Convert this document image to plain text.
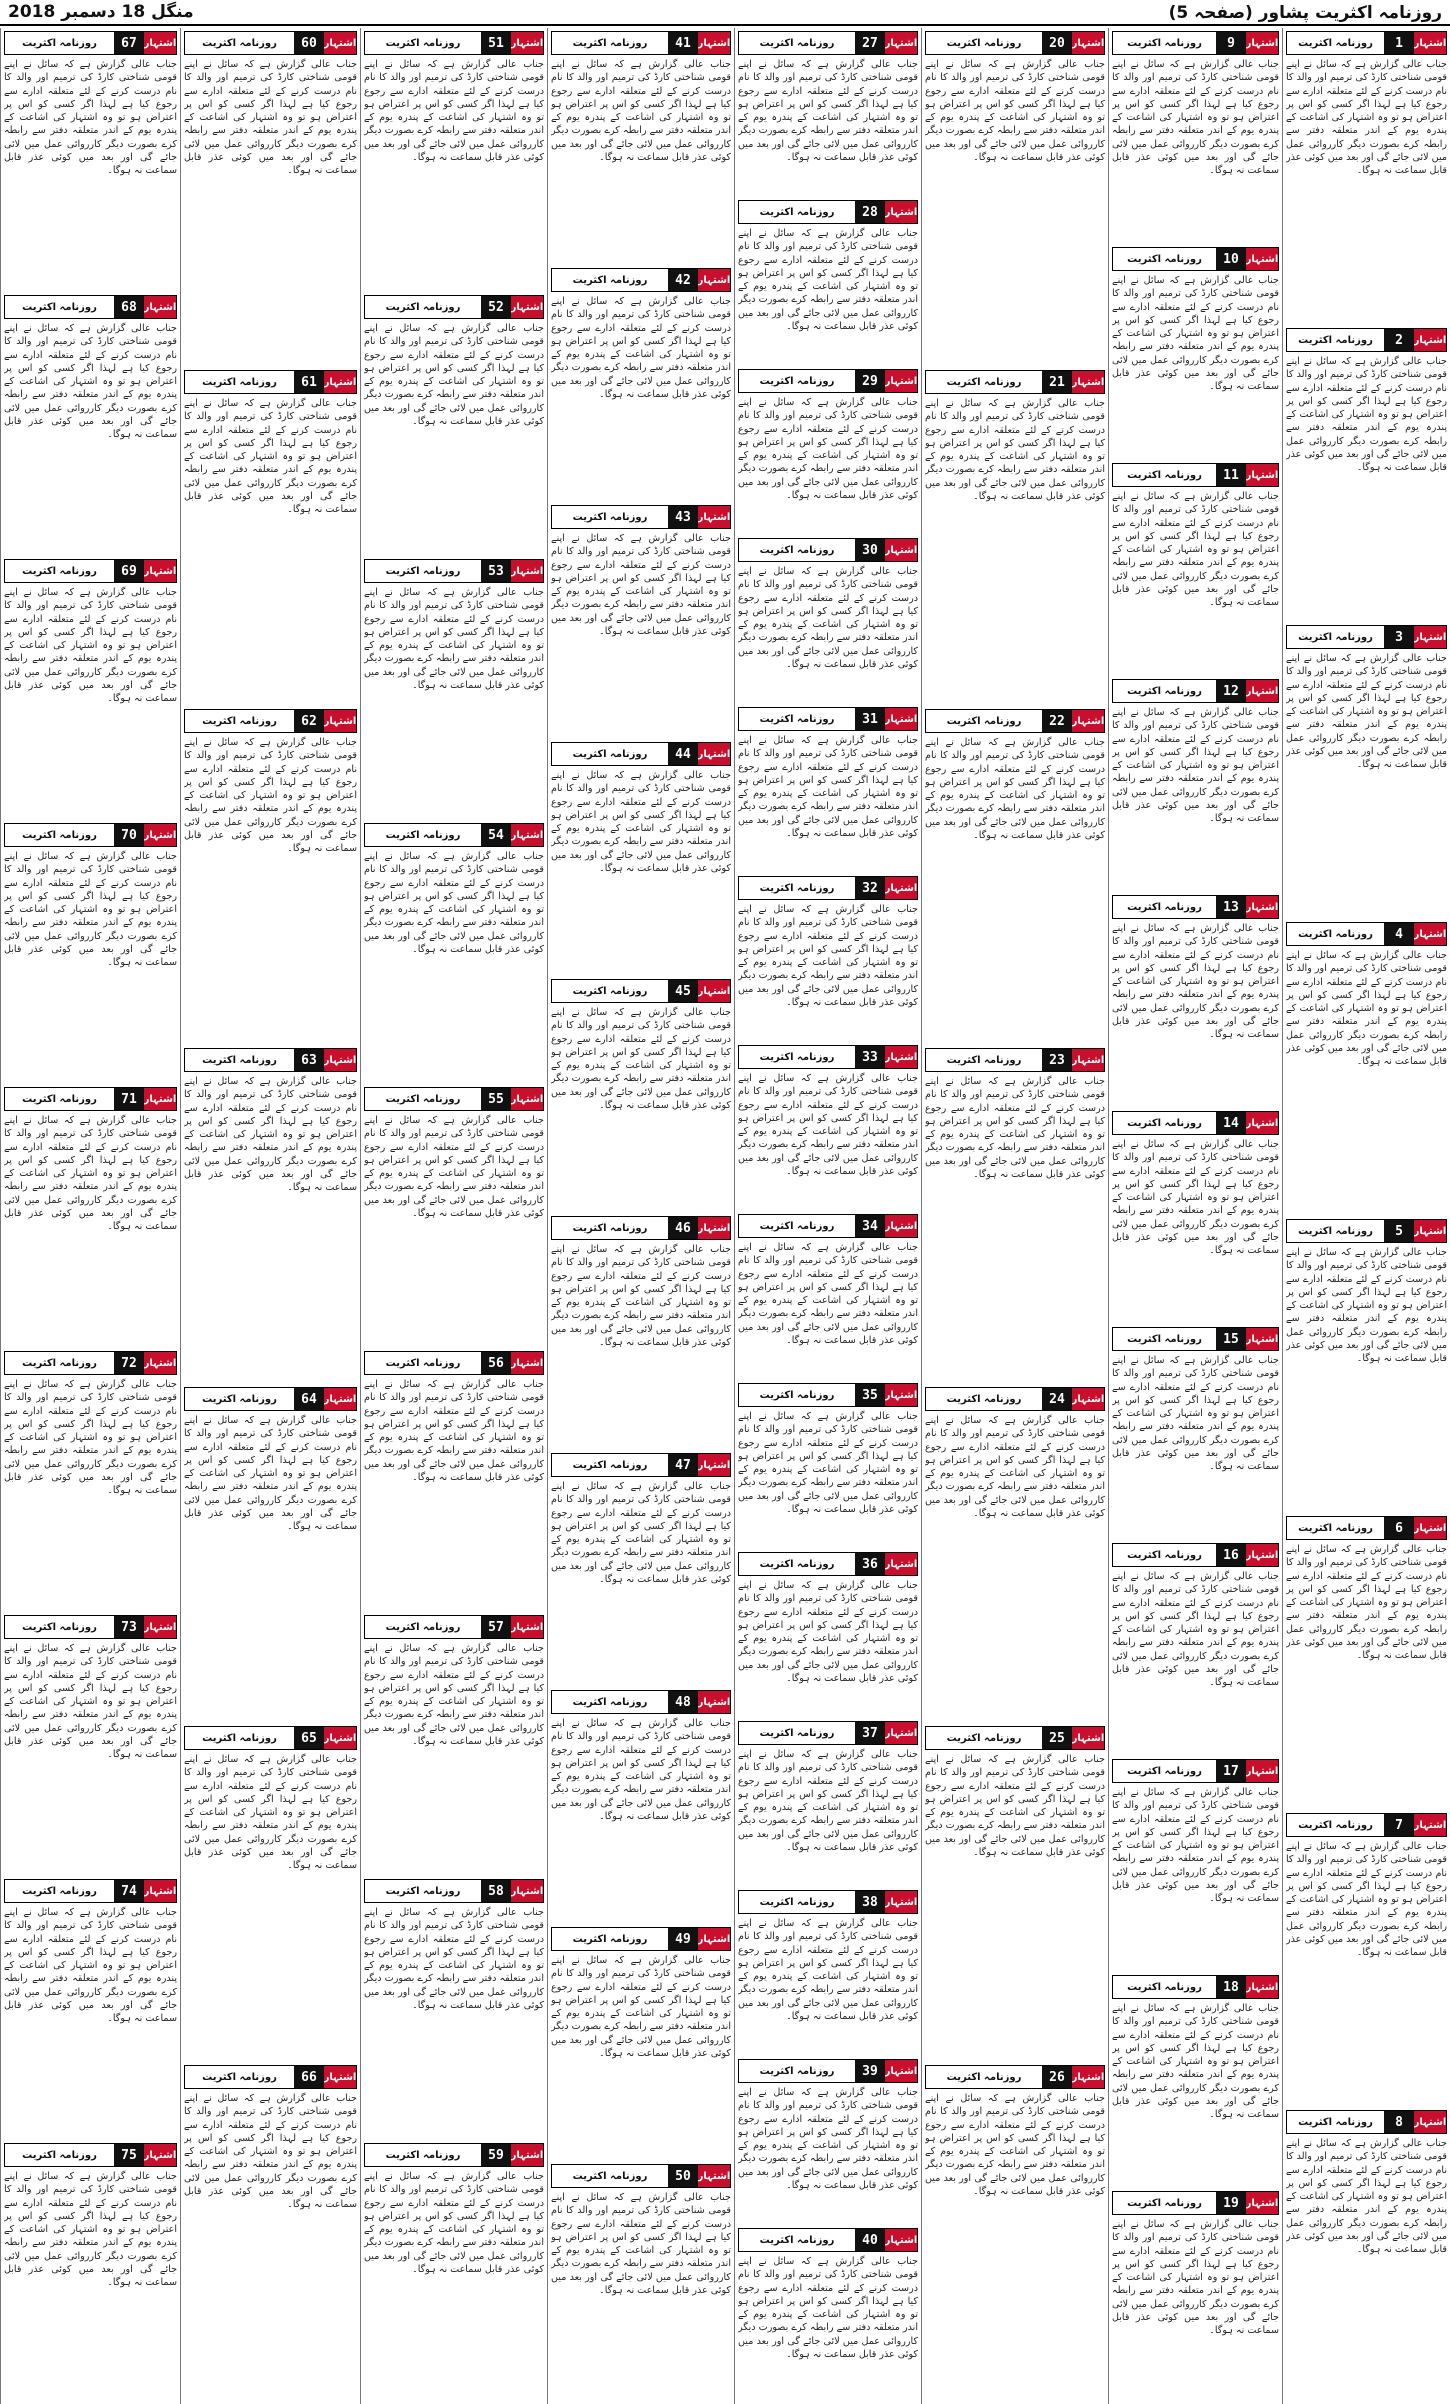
روزنامہ اکثریت پشاور (صفحہ 5)
منگل 18 دسمبر 2018
اشتہار
1
روزنامہ اکثریت
جناب عالی گزارش ہے کہ سائل نے اپنے قومی شناختی کارڈ کی ترمیم اور والد کا نام درست کرنے کے لئے متعلقہ ادارے سے رجوع کیا ہے لہذا اگر کسی کو اس پر اعتراض ہو تو وہ اشتہار کی اشاعت کے پندرہ یوم کے اندر متعلقہ دفتر سے رابطہ کرے بصورت دیگر کارروائی عمل میں لائی جائے گی اور بعد میں کوئی عذر قابل سماعت نہ ہوگا۔
اشتہار
2
روزنامہ اکثریت
جناب عالی گزارش ہے کہ سائل نے اپنے قومی شناختی کارڈ کی ترمیم اور والد کا نام درست کرنے کے لئے متعلقہ ادارے سے رجوع کیا ہے لہذا اگر کسی کو اس پر اعتراض ہو تو وہ اشتہار کی اشاعت کے پندرہ یوم کے اندر متعلقہ دفتر سے رابطہ کرے بصورت دیگر کارروائی عمل میں لائی جائے گی اور بعد میں کوئی عذر قابل سماعت نہ ہوگا۔
اشتہار
3
روزنامہ اکثریت
جناب عالی گزارش ہے کہ سائل نے اپنے قومی شناختی کارڈ کی ترمیم اور والد کا نام درست کرنے کے لئے متعلقہ ادارے سے رجوع کیا ہے لہذا اگر کسی کو اس پر اعتراض ہو تو وہ اشتہار کی اشاعت کے پندرہ یوم کے اندر متعلقہ دفتر سے رابطہ کرے بصورت دیگر کارروائی عمل میں لائی جائے گی اور بعد میں کوئی عذر قابل سماعت نہ ہوگا۔
اشتہار
4
روزنامہ اکثریت
جناب عالی گزارش ہے کہ سائل نے اپنے قومی شناختی کارڈ کی ترمیم اور والد کا نام درست کرنے کے لئے متعلقہ ادارے سے رجوع کیا ہے لہذا اگر کسی کو اس پر اعتراض ہو تو وہ اشتہار کی اشاعت کے پندرہ یوم کے اندر متعلقہ دفتر سے رابطہ کرے بصورت دیگر کارروائی عمل میں لائی جائے گی اور بعد میں کوئی عذر قابل سماعت نہ ہوگا۔
اشتہار
5
روزنامہ اکثریت
جناب عالی گزارش ہے کہ سائل نے اپنے قومی شناختی کارڈ کی ترمیم اور والد کا نام درست کرنے کے لئے متعلقہ ادارے سے رجوع کیا ہے لہذا اگر کسی کو اس پر اعتراض ہو تو وہ اشتہار کی اشاعت کے پندرہ یوم کے اندر متعلقہ دفتر سے رابطہ کرے بصورت دیگر کارروائی عمل میں لائی جائے گی اور بعد میں کوئی عذر قابل سماعت نہ ہوگا۔
اشتہار
6
روزنامہ اکثریت
جناب عالی گزارش ہے کہ سائل نے اپنے قومی شناختی کارڈ کی ترمیم اور والد کا نام درست کرنے کے لئے متعلقہ ادارے سے رجوع کیا ہے لہذا اگر کسی کو اس پر اعتراض ہو تو وہ اشتہار کی اشاعت کے پندرہ یوم کے اندر متعلقہ دفتر سے رابطہ کرے بصورت دیگر کارروائی عمل میں لائی جائے گی اور بعد میں کوئی عذر قابل سماعت نہ ہوگا۔
اشتہار
7
روزنامہ اکثریت
جناب عالی گزارش ہے کہ سائل نے اپنے قومی شناختی کارڈ کی ترمیم اور والد کا نام درست کرنے کے لئے متعلقہ ادارے سے رجوع کیا ہے لہذا اگر کسی کو اس پر اعتراض ہو تو وہ اشتہار کی اشاعت کے پندرہ یوم کے اندر متعلقہ دفتر سے رابطہ کرے بصورت دیگر کارروائی عمل میں لائی جائے گی اور بعد میں کوئی عذر قابل سماعت نہ ہوگا۔
اشتہار
8
روزنامہ اکثریت
جناب عالی گزارش ہے کہ سائل نے اپنے قومی شناختی کارڈ کی ترمیم اور والد کا نام درست کرنے کے لئے متعلقہ ادارے سے رجوع کیا ہے لہذا اگر کسی کو اس پر اعتراض ہو تو وہ اشتہار کی اشاعت کے پندرہ یوم کے اندر متعلقہ دفتر سے رابطہ کرے بصورت دیگر کارروائی عمل میں لائی جائے گی اور بعد میں کوئی عذر قابل سماعت نہ ہوگا۔
اشتہار
9
روزنامہ اکثریت
جناب عالی گزارش ہے کہ سائل نے اپنے قومی شناختی کارڈ کی ترمیم اور والد کا نام درست کرنے کے لئے متعلقہ ادارے سے رجوع کیا ہے لہذا اگر کسی کو اس پر اعتراض ہو تو وہ اشتہار کی اشاعت کے پندرہ یوم کے اندر متعلقہ دفتر سے رابطہ کرے بصورت دیگر کارروائی عمل میں لائی جائے گی اور بعد میں کوئی عذر قابل سماعت نہ ہوگا۔
اشتہار
10
روزنامہ اکثریت
جناب عالی گزارش ہے کہ سائل نے اپنے قومی شناختی کارڈ کی ترمیم اور والد کا نام درست کرنے کے لئے متعلقہ ادارے سے رجوع کیا ہے لہذا اگر کسی کو اس پر اعتراض ہو تو وہ اشتہار کی اشاعت کے پندرہ یوم کے اندر متعلقہ دفتر سے رابطہ کرے بصورت دیگر کارروائی عمل میں لائی جائے گی اور بعد میں کوئی عذر قابل سماعت نہ ہوگا۔
اشتہار
11
روزنامہ اکثریت
جناب عالی گزارش ہے کہ سائل نے اپنے قومی شناختی کارڈ کی ترمیم اور والد کا نام درست کرنے کے لئے متعلقہ ادارے سے رجوع کیا ہے لہذا اگر کسی کو اس پر اعتراض ہو تو وہ اشتہار کی اشاعت کے پندرہ یوم کے اندر متعلقہ دفتر سے رابطہ کرے بصورت دیگر کارروائی عمل میں لائی جائے گی اور بعد میں کوئی عذر قابل سماعت نہ ہوگا۔
اشتہار
12
روزنامہ اکثریت
جناب عالی گزارش ہے کہ سائل نے اپنے قومی شناختی کارڈ کی ترمیم اور والد کا نام درست کرنے کے لئے متعلقہ ادارے سے رجوع کیا ہے لہذا اگر کسی کو اس پر اعتراض ہو تو وہ اشتہار کی اشاعت کے پندرہ یوم کے اندر متعلقہ دفتر سے رابطہ کرے بصورت دیگر کارروائی عمل میں لائی جائے گی اور بعد میں کوئی عذر قابل سماعت نہ ہوگا۔
اشتہار
13
روزنامہ اکثریت
جناب عالی گزارش ہے کہ سائل نے اپنے قومی شناختی کارڈ کی ترمیم اور والد کا نام درست کرنے کے لئے متعلقہ ادارے سے رجوع کیا ہے لہذا اگر کسی کو اس پر اعتراض ہو تو وہ اشتہار کی اشاعت کے پندرہ یوم کے اندر متعلقہ دفتر سے رابطہ کرے بصورت دیگر کارروائی عمل میں لائی جائے گی اور بعد میں کوئی عذر قابل سماعت نہ ہوگا۔
اشتہار
14
روزنامہ اکثریت
جناب عالی گزارش ہے کہ سائل نے اپنے قومی شناختی کارڈ کی ترمیم اور والد کا نام درست کرنے کے لئے متعلقہ ادارے سے رجوع کیا ہے لہذا اگر کسی کو اس پر اعتراض ہو تو وہ اشتہار کی اشاعت کے پندرہ یوم کے اندر متعلقہ دفتر سے رابطہ کرے بصورت دیگر کارروائی عمل میں لائی جائے گی اور بعد میں کوئی عذر قابل سماعت نہ ہوگا۔
اشتہار
15
روزنامہ اکثریت
جناب عالی گزارش ہے کہ سائل نے اپنے قومی شناختی کارڈ کی ترمیم اور والد کا نام درست کرنے کے لئے متعلقہ ادارے سے رجوع کیا ہے لہذا اگر کسی کو اس پر اعتراض ہو تو وہ اشتہار کی اشاعت کے پندرہ یوم کے اندر متعلقہ دفتر سے رابطہ کرے بصورت دیگر کارروائی عمل میں لائی جائے گی اور بعد میں کوئی عذر قابل سماعت نہ ہوگا۔
اشتہار
16
روزنامہ اکثریت
جناب عالی گزارش ہے کہ سائل نے اپنے قومی شناختی کارڈ کی ترمیم اور والد کا نام درست کرنے کے لئے متعلقہ ادارے سے رجوع کیا ہے لہذا اگر کسی کو اس پر اعتراض ہو تو وہ اشتہار کی اشاعت کے پندرہ یوم کے اندر متعلقہ دفتر سے رابطہ کرے بصورت دیگر کارروائی عمل میں لائی جائے گی اور بعد میں کوئی عذر قابل سماعت نہ ہوگا۔
اشتہار
17
روزنامہ اکثریت
جناب عالی گزارش ہے کہ سائل نے اپنے قومی شناختی کارڈ کی ترمیم اور والد کا نام درست کرنے کے لئے متعلقہ ادارے سے رجوع کیا ہے لہذا اگر کسی کو اس پر اعتراض ہو تو وہ اشتہار کی اشاعت کے پندرہ یوم کے اندر متعلقہ دفتر سے رابطہ کرے بصورت دیگر کارروائی عمل میں لائی جائے گی اور بعد میں کوئی عذر قابل سماعت نہ ہوگا۔
اشتہار
18
روزنامہ اکثریت
جناب عالی گزارش ہے کہ سائل نے اپنے قومی شناختی کارڈ کی ترمیم اور والد کا نام درست کرنے کے لئے متعلقہ ادارے سے رجوع کیا ہے لہذا اگر کسی کو اس پر اعتراض ہو تو وہ اشتہار کی اشاعت کے پندرہ یوم کے اندر متعلقہ دفتر سے رابطہ کرے بصورت دیگر کارروائی عمل میں لائی جائے گی اور بعد میں کوئی عذر قابل سماعت نہ ہوگا۔
اشتہار
19
روزنامہ اکثریت
جناب عالی گزارش ہے کہ سائل نے اپنے قومی شناختی کارڈ کی ترمیم اور والد کا نام درست کرنے کے لئے متعلقہ ادارے سے رجوع کیا ہے لہذا اگر کسی کو اس پر اعتراض ہو تو وہ اشتہار کی اشاعت کے پندرہ یوم کے اندر متعلقہ دفتر سے رابطہ کرے بصورت دیگر کارروائی عمل میں لائی جائے گی اور بعد میں کوئی عذر قابل سماعت نہ ہوگا۔
اشتہار
20
روزنامہ اکثریت
جناب عالی گزارش ہے کہ سائل نے اپنے قومی شناختی کارڈ کی ترمیم اور والد کا نام درست کرنے کے لئے متعلقہ ادارے سے رجوع کیا ہے لہذا اگر کسی کو اس پر اعتراض ہو تو وہ اشتہار کی اشاعت کے پندرہ یوم کے اندر متعلقہ دفتر سے رابطہ کرے بصورت دیگر کارروائی عمل میں لائی جائے گی اور بعد میں کوئی عذر قابل سماعت نہ ہوگا۔
اشتہار
21
روزنامہ اکثریت
جناب عالی گزارش ہے کہ سائل نے اپنے قومی شناختی کارڈ کی ترمیم اور والد کا نام درست کرنے کے لئے متعلقہ ادارے سے رجوع کیا ہے لہذا اگر کسی کو اس پر اعتراض ہو تو وہ اشتہار کی اشاعت کے پندرہ یوم کے اندر متعلقہ دفتر سے رابطہ کرے بصورت دیگر کارروائی عمل میں لائی جائے گی اور بعد میں کوئی عذر قابل سماعت نہ ہوگا۔
اشتہار
22
روزنامہ اکثریت
جناب عالی گزارش ہے کہ سائل نے اپنے قومی شناختی کارڈ کی ترمیم اور والد کا نام درست کرنے کے لئے متعلقہ ادارے سے رجوع کیا ہے لہذا اگر کسی کو اس پر اعتراض ہو تو وہ اشتہار کی اشاعت کے پندرہ یوم کے اندر متعلقہ دفتر سے رابطہ کرے بصورت دیگر کارروائی عمل میں لائی جائے گی اور بعد میں کوئی عذر قابل سماعت نہ ہوگا۔
اشتہار
23
روزنامہ اکثریت
جناب عالی گزارش ہے کہ سائل نے اپنے قومی شناختی کارڈ کی ترمیم اور والد کا نام درست کرنے کے لئے متعلقہ ادارے سے رجوع کیا ہے لہذا اگر کسی کو اس پر اعتراض ہو تو وہ اشتہار کی اشاعت کے پندرہ یوم کے اندر متعلقہ دفتر سے رابطہ کرے بصورت دیگر کارروائی عمل میں لائی جائے گی اور بعد میں کوئی عذر قابل سماعت نہ ہوگا۔
اشتہار
24
روزنامہ اکثریت
جناب عالی گزارش ہے کہ سائل نے اپنے قومی شناختی کارڈ کی ترمیم اور والد کا نام درست کرنے کے لئے متعلقہ ادارے سے رجوع کیا ہے لہذا اگر کسی کو اس پر اعتراض ہو تو وہ اشتہار کی اشاعت کے پندرہ یوم کے اندر متعلقہ دفتر سے رابطہ کرے بصورت دیگر کارروائی عمل میں لائی جائے گی اور بعد میں کوئی عذر قابل سماعت نہ ہوگا۔
اشتہار
25
روزنامہ اکثریت
جناب عالی گزارش ہے کہ سائل نے اپنے قومی شناختی کارڈ کی ترمیم اور والد کا نام درست کرنے کے لئے متعلقہ ادارے سے رجوع کیا ہے لہذا اگر کسی کو اس پر اعتراض ہو تو وہ اشتہار کی اشاعت کے پندرہ یوم کے اندر متعلقہ دفتر سے رابطہ کرے بصورت دیگر کارروائی عمل میں لائی جائے گی اور بعد میں کوئی عذر قابل سماعت نہ ہوگا۔
اشتہار
26
روزنامہ اکثریت
جناب عالی گزارش ہے کہ سائل نے اپنے قومی شناختی کارڈ کی ترمیم اور والد کا نام درست کرنے کے لئے متعلقہ ادارے سے رجوع کیا ہے لہذا اگر کسی کو اس پر اعتراض ہو تو وہ اشتہار کی اشاعت کے پندرہ یوم کے اندر متعلقہ دفتر سے رابطہ کرے بصورت دیگر کارروائی عمل میں لائی جائے گی اور بعد میں کوئی عذر قابل سماعت نہ ہوگا۔
اشتہار
27
روزنامہ اکثریت
جناب عالی گزارش ہے کہ سائل نے اپنے قومی شناختی کارڈ کی ترمیم اور والد کا نام درست کرنے کے لئے متعلقہ ادارے سے رجوع کیا ہے لہذا اگر کسی کو اس پر اعتراض ہو تو وہ اشتہار کی اشاعت کے پندرہ یوم کے اندر متعلقہ دفتر سے رابطہ کرے بصورت دیگر کارروائی عمل میں لائی جائے گی اور بعد میں کوئی عذر قابل سماعت نہ ہوگا۔
اشتہار
28
روزنامہ اکثریت
جناب عالی گزارش ہے کہ سائل نے اپنے قومی شناختی کارڈ کی ترمیم اور والد کا نام درست کرنے کے لئے متعلقہ ادارے سے رجوع کیا ہے لہذا اگر کسی کو اس پر اعتراض ہو تو وہ اشتہار کی اشاعت کے پندرہ یوم کے اندر متعلقہ دفتر سے رابطہ کرے بصورت دیگر کارروائی عمل میں لائی جائے گی اور بعد میں کوئی عذر قابل سماعت نہ ہوگا۔
اشتہار
29
روزنامہ اکثریت
جناب عالی گزارش ہے کہ سائل نے اپنے قومی شناختی کارڈ کی ترمیم اور والد کا نام درست کرنے کے لئے متعلقہ ادارے سے رجوع کیا ہے لہذا اگر کسی کو اس پر اعتراض ہو تو وہ اشتہار کی اشاعت کے پندرہ یوم کے اندر متعلقہ دفتر سے رابطہ کرے بصورت دیگر کارروائی عمل میں لائی جائے گی اور بعد میں کوئی عذر قابل سماعت نہ ہوگا۔
اشتہار
30
روزنامہ اکثریت
جناب عالی گزارش ہے کہ سائل نے اپنے قومی شناختی کارڈ کی ترمیم اور والد کا نام درست کرنے کے لئے متعلقہ ادارے سے رجوع کیا ہے لہذا اگر کسی کو اس پر اعتراض ہو تو وہ اشتہار کی اشاعت کے پندرہ یوم کے اندر متعلقہ دفتر سے رابطہ کرے بصورت دیگر کارروائی عمل میں لائی جائے گی اور بعد میں کوئی عذر قابل سماعت نہ ہوگا۔
اشتہار
31
روزنامہ اکثریت
جناب عالی گزارش ہے کہ سائل نے اپنے قومی شناختی کارڈ کی ترمیم اور والد کا نام درست کرنے کے لئے متعلقہ ادارے سے رجوع کیا ہے لہذا اگر کسی کو اس پر اعتراض ہو تو وہ اشتہار کی اشاعت کے پندرہ یوم کے اندر متعلقہ دفتر سے رابطہ کرے بصورت دیگر کارروائی عمل میں لائی جائے گی اور بعد میں کوئی عذر قابل سماعت نہ ہوگا۔
اشتہار
32
روزنامہ اکثریت
جناب عالی گزارش ہے کہ سائل نے اپنے قومی شناختی کارڈ کی ترمیم اور والد کا نام درست کرنے کے لئے متعلقہ ادارے سے رجوع کیا ہے لہذا اگر کسی کو اس پر اعتراض ہو تو وہ اشتہار کی اشاعت کے پندرہ یوم کے اندر متعلقہ دفتر سے رابطہ کرے بصورت دیگر کارروائی عمل میں لائی جائے گی اور بعد میں کوئی عذر قابل سماعت نہ ہوگا۔
اشتہار
33
روزنامہ اکثریت
جناب عالی گزارش ہے کہ سائل نے اپنے قومی شناختی کارڈ کی ترمیم اور والد کا نام درست کرنے کے لئے متعلقہ ادارے سے رجوع کیا ہے لہذا اگر کسی کو اس پر اعتراض ہو تو وہ اشتہار کی اشاعت کے پندرہ یوم کے اندر متعلقہ دفتر سے رابطہ کرے بصورت دیگر کارروائی عمل میں لائی جائے گی اور بعد میں کوئی عذر قابل سماعت نہ ہوگا۔
اشتہار
34
روزنامہ اکثریت
جناب عالی گزارش ہے کہ سائل نے اپنے قومی شناختی کارڈ کی ترمیم اور والد کا نام درست کرنے کے لئے متعلقہ ادارے سے رجوع کیا ہے لہذا اگر کسی کو اس پر اعتراض ہو تو وہ اشتہار کی اشاعت کے پندرہ یوم کے اندر متعلقہ دفتر سے رابطہ کرے بصورت دیگر کارروائی عمل میں لائی جائے گی اور بعد میں کوئی عذر قابل سماعت نہ ہوگا۔
اشتہار
35
روزنامہ اکثریت
جناب عالی گزارش ہے کہ سائل نے اپنے قومی شناختی کارڈ کی ترمیم اور والد کا نام درست کرنے کے لئے متعلقہ ادارے سے رجوع کیا ہے لہذا اگر کسی کو اس پر اعتراض ہو تو وہ اشتہار کی اشاعت کے پندرہ یوم کے اندر متعلقہ دفتر سے رابطہ کرے بصورت دیگر کارروائی عمل میں لائی جائے گی اور بعد میں کوئی عذر قابل سماعت نہ ہوگا۔
اشتہار
36
روزنامہ اکثریت
جناب عالی گزارش ہے کہ سائل نے اپنے قومی شناختی کارڈ کی ترمیم اور والد کا نام درست کرنے کے لئے متعلقہ ادارے سے رجوع کیا ہے لہذا اگر کسی کو اس پر اعتراض ہو تو وہ اشتہار کی اشاعت کے پندرہ یوم کے اندر متعلقہ دفتر سے رابطہ کرے بصورت دیگر کارروائی عمل میں لائی جائے گی اور بعد میں کوئی عذر قابل سماعت نہ ہوگا۔
اشتہار
37
روزنامہ اکثریت
جناب عالی گزارش ہے کہ سائل نے اپنے قومی شناختی کارڈ کی ترمیم اور والد کا نام درست کرنے کے لئے متعلقہ ادارے سے رجوع کیا ہے لہذا اگر کسی کو اس پر اعتراض ہو تو وہ اشتہار کی اشاعت کے پندرہ یوم کے اندر متعلقہ دفتر سے رابطہ کرے بصورت دیگر کارروائی عمل میں لائی جائے گی اور بعد میں کوئی عذر قابل سماعت نہ ہوگا۔
اشتہار
38
روزنامہ اکثریت
جناب عالی گزارش ہے کہ سائل نے اپنے قومی شناختی کارڈ کی ترمیم اور والد کا نام درست کرنے کے لئے متعلقہ ادارے سے رجوع کیا ہے لہذا اگر کسی کو اس پر اعتراض ہو تو وہ اشتہار کی اشاعت کے پندرہ یوم کے اندر متعلقہ دفتر سے رابطہ کرے بصورت دیگر کارروائی عمل میں لائی جائے گی اور بعد میں کوئی عذر قابل سماعت نہ ہوگا۔
اشتہار
39
روزنامہ اکثریت
جناب عالی گزارش ہے کہ سائل نے اپنے قومی شناختی کارڈ کی ترمیم اور والد کا نام درست کرنے کے لئے متعلقہ ادارے سے رجوع کیا ہے لہذا اگر کسی کو اس پر اعتراض ہو تو وہ اشتہار کی اشاعت کے پندرہ یوم کے اندر متعلقہ دفتر سے رابطہ کرے بصورت دیگر کارروائی عمل میں لائی جائے گی اور بعد میں کوئی عذر قابل سماعت نہ ہوگا۔
اشتہار
40
روزنامہ اکثریت
جناب عالی گزارش ہے کہ سائل نے اپنے قومی شناختی کارڈ کی ترمیم اور والد کا نام درست کرنے کے لئے متعلقہ ادارے سے رجوع کیا ہے لہذا اگر کسی کو اس پر اعتراض ہو تو وہ اشتہار کی اشاعت کے پندرہ یوم کے اندر متعلقہ دفتر سے رابطہ کرے بصورت دیگر کارروائی عمل میں لائی جائے گی اور بعد میں کوئی عذر قابل سماعت نہ ہوگا۔
اشتہار
41
روزنامہ اکثریت
جناب عالی گزارش ہے کہ سائل نے اپنے قومی شناختی کارڈ کی ترمیم اور والد کا نام درست کرنے کے لئے متعلقہ ادارے سے رجوع کیا ہے لہذا اگر کسی کو اس پر اعتراض ہو تو وہ اشتہار کی اشاعت کے پندرہ یوم کے اندر متعلقہ دفتر سے رابطہ کرے بصورت دیگر کارروائی عمل میں لائی جائے گی اور بعد میں کوئی عذر قابل سماعت نہ ہوگا۔
اشتہار
42
روزنامہ اکثریت
جناب عالی گزارش ہے کہ سائل نے اپنے قومی شناختی کارڈ کی ترمیم اور والد کا نام درست کرنے کے لئے متعلقہ ادارے سے رجوع کیا ہے لہذا اگر کسی کو اس پر اعتراض ہو تو وہ اشتہار کی اشاعت کے پندرہ یوم کے اندر متعلقہ دفتر سے رابطہ کرے بصورت دیگر کارروائی عمل میں لائی جائے گی اور بعد میں کوئی عذر قابل سماعت نہ ہوگا۔
اشتہار
43
روزنامہ اکثریت
جناب عالی گزارش ہے کہ سائل نے اپنے قومی شناختی کارڈ کی ترمیم اور والد کا نام درست کرنے کے لئے متعلقہ ادارے سے رجوع کیا ہے لہذا اگر کسی کو اس پر اعتراض ہو تو وہ اشتہار کی اشاعت کے پندرہ یوم کے اندر متعلقہ دفتر سے رابطہ کرے بصورت دیگر کارروائی عمل میں لائی جائے گی اور بعد میں کوئی عذر قابل سماعت نہ ہوگا۔
اشتہار
44
روزنامہ اکثریت
جناب عالی گزارش ہے کہ سائل نے اپنے قومی شناختی کارڈ کی ترمیم اور والد کا نام درست کرنے کے لئے متعلقہ ادارے سے رجوع کیا ہے لہذا اگر کسی کو اس پر اعتراض ہو تو وہ اشتہار کی اشاعت کے پندرہ یوم کے اندر متعلقہ دفتر سے رابطہ کرے بصورت دیگر کارروائی عمل میں لائی جائے گی اور بعد میں کوئی عذر قابل سماعت نہ ہوگا۔
اشتہار
45
روزنامہ اکثریت
جناب عالی گزارش ہے کہ سائل نے اپنے قومی شناختی کارڈ کی ترمیم اور والد کا نام درست کرنے کے لئے متعلقہ ادارے سے رجوع کیا ہے لہذا اگر کسی کو اس پر اعتراض ہو تو وہ اشتہار کی اشاعت کے پندرہ یوم کے اندر متعلقہ دفتر سے رابطہ کرے بصورت دیگر کارروائی عمل میں لائی جائے گی اور بعد میں کوئی عذر قابل سماعت نہ ہوگا۔
اشتہار
46
روزنامہ اکثریت
جناب عالی گزارش ہے کہ سائل نے اپنے قومی شناختی کارڈ کی ترمیم اور والد کا نام درست کرنے کے لئے متعلقہ ادارے سے رجوع کیا ہے لہذا اگر کسی کو اس پر اعتراض ہو تو وہ اشتہار کی اشاعت کے پندرہ یوم کے اندر متعلقہ دفتر سے رابطہ کرے بصورت دیگر کارروائی عمل میں لائی جائے گی اور بعد میں کوئی عذر قابل سماعت نہ ہوگا۔
اشتہار
47
روزنامہ اکثریت
جناب عالی گزارش ہے کہ سائل نے اپنے قومی شناختی کارڈ کی ترمیم اور والد کا نام درست کرنے کے لئے متعلقہ ادارے سے رجوع کیا ہے لہذا اگر کسی کو اس پر اعتراض ہو تو وہ اشتہار کی اشاعت کے پندرہ یوم کے اندر متعلقہ دفتر سے رابطہ کرے بصورت دیگر کارروائی عمل میں لائی جائے گی اور بعد میں کوئی عذر قابل سماعت نہ ہوگا۔
اشتہار
48
روزنامہ اکثریت
جناب عالی گزارش ہے کہ سائل نے اپنے قومی شناختی کارڈ کی ترمیم اور والد کا نام درست کرنے کے لئے متعلقہ ادارے سے رجوع کیا ہے لہذا اگر کسی کو اس پر اعتراض ہو تو وہ اشتہار کی اشاعت کے پندرہ یوم کے اندر متعلقہ دفتر سے رابطہ کرے بصورت دیگر کارروائی عمل میں لائی جائے گی اور بعد میں کوئی عذر قابل سماعت نہ ہوگا۔
اشتہار
49
روزنامہ اکثریت
جناب عالی گزارش ہے کہ سائل نے اپنے قومی شناختی کارڈ کی ترمیم اور والد کا نام درست کرنے کے لئے متعلقہ ادارے سے رجوع کیا ہے لہذا اگر کسی کو اس پر اعتراض ہو تو وہ اشتہار کی اشاعت کے پندرہ یوم کے اندر متعلقہ دفتر سے رابطہ کرے بصورت دیگر کارروائی عمل میں لائی جائے گی اور بعد میں کوئی عذر قابل سماعت نہ ہوگا۔
اشتہار
50
روزنامہ اکثریت
جناب عالی گزارش ہے کہ سائل نے اپنے قومی شناختی کارڈ کی ترمیم اور والد کا نام درست کرنے کے لئے متعلقہ ادارے سے رجوع کیا ہے لہذا اگر کسی کو اس پر اعتراض ہو تو وہ اشتہار کی اشاعت کے پندرہ یوم کے اندر متعلقہ دفتر سے رابطہ کرے بصورت دیگر کارروائی عمل میں لائی جائے گی اور بعد میں کوئی عذر قابل سماعت نہ ہوگا۔
اشتہار
51
روزنامہ اکثریت
جناب عالی گزارش ہے کہ سائل نے اپنے قومی شناختی کارڈ کی ترمیم اور والد کا نام درست کرنے کے لئے متعلقہ ادارے سے رجوع کیا ہے لہذا اگر کسی کو اس پر اعتراض ہو تو وہ اشتہار کی اشاعت کے پندرہ یوم کے اندر متعلقہ دفتر سے رابطہ کرے بصورت دیگر کارروائی عمل میں لائی جائے گی اور بعد میں کوئی عذر قابل سماعت نہ ہوگا۔
اشتہار
52
روزنامہ اکثریت
جناب عالی گزارش ہے کہ سائل نے اپنے قومی شناختی کارڈ کی ترمیم اور والد کا نام درست کرنے کے لئے متعلقہ ادارے سے رجوع کیا ہے لہذا اگر کسی کو اس پر اعتراض ہو تو وہ اشتہار کی اشاعت کے پندرہ یوم کے اندر متعلقہ دفتر سے رابطہ کرے بصورت دیگر کارروائی عمل میں لائی جائے گی اور بعد میں کوئی عذر قابل سماعت نہ ہوگا۔
اشتہار
53
روزنامہ اکثریت
جناب عالی گزارش ہے کہ سائل نے اپنے قومی شناختی کارڈ کی ترمیم اور والد کا نام درست کرنے کے لئے متعلقہ ادارے سے رجوع کیا ہے لہذا اگر کسی کو اس پر اعتراض ہو تو وہ اشتہار کی اشاعت کے پندرہ یوم کے اندر متعلقہ دفتر سے رابطہ کرے بصورت دیگر کارروائی عمل میں لائی جائے گی اور بعد میں کوئی عذر قابل سماعت نہ ہوگا۔
اشتہار
54
روزنامہ اکثریت
جناب عالی گزارش ہے کہ سائل نے اپنے قومی شناختی کارڈ کی ترمیم اور والد کا نام درست کرنے کے لئے متعلقہ ادارے سے رجوع کیا ہے لہذا اگر کسی کو اس پر اعتراض ہو تو وہ اشتہار کی اشاعت کے پندرہ یوم کے اندر متعلقہ دفتر سے رابطہ کرے بصورت دیگر کارروائی عمل میں لائی جائے گی اور بعد میں کوئی عذر قابل سماعت نہ ہوگا۔
اشتہار
55
روزنامہ اکثریت
جناب عالی گزارش ہے کہ سائل نے اپنے قومی شناختی کارڈ کی ترمیم اور والد کا نام درست کرنے کے لئے متعلقہ ادارے سے رجوع کیا ہے لہذا اگر کسی کو اس پر اعتراض ہو تو وہ اشتہار کی اشاعت کے پندرہ یوم کے اندر متعلقہ دفتر سے رابطہ کرے بصورت دیگر کارروائی عمل میں لائی جائے گی اور بعد میں کوئی عذر قابل سماعت نہ ہوگا۔
اشتہار
56
روزنامہ اکثریت
جناب عالی گزارش ہے کہ سائل نے اپنے قومی شناختی کارڈ کی ترمیم اور والد کا نام درست کرنے کے لئے متعلقہ ادارے سے رجوع کیا ہے لہذا اگر کسی کو اس پر اعتراض ہو تو وہ اشتہار کی اشاعت کے پندرہ یوم کے اندر متعلقہ دفتر سے رابطہ کرے بصورت دیگر کارروائی عمل میں لائی جائے گی اور بعد میں کوئی عذر قابل سماعت نہ ہوگا۔
اشتہار
57
روزنامہ اکثریت
جناب عالی گزارش ہے کہ سائل نے اپنے قومی شناختی کارڈ کی ترمیم اور والد کا نام درست کرنے کے لئے متعلقہ ادارے سے رجوع کیا ہے لہذا اگر کسی کو اس پر اعتراض ہو تو وہ اشتہار کی اشاعت کے پندرہ یوم کے اندر متعلقہ دفتر سے رابطہ کرے بصورت دیگر کارروائی عمل میں لائی جائے گی اور بعد میں کوئی عذر قابل سماعت نہ ہوگا۔
اشتہار
58
روزنامہ اکثریت
جناب عالی گزارش ہے کہ سائل نے اپنے قومی شناختی کارڈ کی ترمیم اور والد کا نام درست کرنے کے لئے متعلقہ ادارے سے رجوع کیا ہے لہذا اگر کسی کو اس پر اعتراض ہو تو وہ اشتہار کی اشاعت کے پندرہ یوم کے اندر متعلقہ دفتر سے رابطہ کرے بصورت دیگر کارروائی عمل میں لائی جائے گی اور بعد میں کوئی عذر قابل سماعت نہ ہوگا۔
اشتہار
59
روزنامہ اکثریت
جناب عالی گزارش ہے کہ سائل نے اپنے قومی شناختی کارڈ کی ترمیم اور والد کا نام درست کرنے کے لئے متعلقہ ادارے سے رجوع کیا ہے لہذا اگر کسی کو اس پر اعتراض ہو تو وہ اشتہار کی اشاعت کے پندرہ یوم کے اندر متعلقہ دفتر سے رابطہ کرے بصورت دیگر کارروائی عمل میں لائی جائے گی اور بعد میں کوئی عذر قابل سماعت نہ ہوگا۔
اشتہار
60
روزنامہ اکثریت
جناب عالی گزارش ہے کہ سائل نے اپنے قومی شناختی کارڈ کی ترمیم اور والد کا نام درست کرنے کے لئے متعلقہ ادارے سے رجوع کیا ہے لہذا اگر کسی کو اس پر اعتراض ہو تو وہ اشتہار کی اشاعت کے پندرہ یوم کے اندر متعلقہ دفتر سے رابطہ کرے بصورت دیگر کارروائی عمل میں لائی جائے گی اور بعد میں کوئی عذر قابل سماعت نہ ہوگا۔
اشتہار
61
روزنامہ اکثریت
جناب عالی گزارش ہے کہ سائل نے اپنے قومی شناختی کارڈ کی ترمیم اور والد کا نام درست کرنے کے لئے متعلقہ ادارے سے رجوع کیا ہے لہذا اگر کسی کو اس پر اعتراض ہو تو وہ اشتہار کی اشاعت کے پندرہ یوم کے اندر متعلقہ دفتر سے رابطہ کرے بصورت دیگر کارروائی عمل میں لائی جائے گی اور بعد میں کوئی عذر قابل سماعت نہ ہوگا۔
اشتہار
62
روزنامہ اکثریت
جناب عالی گزارش ہے کہ سائل نے اپنے قومی شناختی کارڈ کی ترمیم اور والد کا نام درست کرنے کے لئے متعلقہ ادارے سے رجوع کیا ہے لہذا اگر کسی کو اس پر اعتراض ہو تو وہ اشتہار کی اشاعت کے پندرہ یوم کے اندر متعلقہ دفتر سے رابطہ کرے بصورت دیگر کارروائی عمل میں لائی جائے گی اور بعد میں کوئی عذر قابل سماعت نہ ہوگا۔
اشتہار
63
روزنامہ اکثریت
جناب عالی گزارش ہے کہ سائل نے اپنے قومی شناختی کارڈ کی ترمیم اور والد کا نام درست کرنے کے لئے متعلقہ ادارے سے رجوع کیا ہے لہذا اگر کسی کو اس پر اعتراض ہو تو وہ اشتہار کی اشاعت کے پندرہ یوم کے اندر متعلقہ دفتر سے رابطہ کرے بصورت دیگر کارروائی عمل میں لائی جائے گی اور بعد میں کوئی عذر قابل سماعت نہ ہوگا۔
اشتہار
64
روزنامہ اکثریت
جناب عالی گزارش ہے کہ سائل نے اپنے قومی شناختی کارڈ کی ترمیم اور والد کا نام درست کرنے کے لئے متعلقہ ادارے سے رجوع کیا ہے لہذا اگر کسی کو اس پر اعتراض ہو تو وہ اشتہار کی اشاعت کے پندرہ یوم کے اندر متعلقہ دفتر سے رابطہ کرے بصورت دیگر کارروائی عمل میں لائی جائے گی اور بعد میں کوئی عذر قابل سماعت نہ ہوگا۔
اشتہار
65
روزنامہ اکثریت
جناب عالی گزارش ہے کہ سائل نے اپنے قومی شناختی کارڈ کی ترمیم اور والد کا نام درست کرنے کے لئے متعلقہ ادارے سے رجوع کیا ہے لہذا اگر کسی کو اس پر اعتراض ہو تو وہ اشتہار کی اشاعت کے پندرہ یوم کے اندر متعلقہ دفتر سے رابطہ کرے بصورت دیگر کارروائی عمل میں لائی جائے گی اور بعد میں کوئی عذر قابل سماعت نہ ہوگا۔
اشتہار
66
روزنامہ اکثریت
جناب عالی گزارش ہے کہ سائل نے اپنے قومی شناختی کارڈ کی ترمیم اور والد کا نام درست کرنے کے لئے متعلقہ ادارے سے رجوع کیا ہے لہذا اگر کسی کو اس پر اعتراض ہو تو وہ اشتہار کی اشاعت کے پندرہ یوم کے اندر متعلقہ دفتر سے رابطہ کرے بصورت دیگر کارروائی عمل میں لائی جائے گی اور بعد میں کوئی عذر قابل سماعت نہ ہوگا۔
اشتہار
67
روزنامہ اکثریت
جناب عالی گزارش ہے کہ سائل نے اپنے قومی شناختی کارڈ کی ترمیم اور والد کا نام درست کرنے کے لئے متعلقہ ادارے سے رجوع کیا ہے لہذا اگر کسی کو اس پر اعتراض ہو تو وہ اشتہار کی اشاعت کے پندرہ یوم کے اندر متعلقہ دفتر سے رابطہ کرے بصورت دیگر کارروائی عمل میں لائی جائے گی اور بعد میں کوئی عذر قابل سماعت نہ ہوگا۔
اشتہار
68
روزنامہ اکثریت
جناب عالی گزارش ہے کہ سائل نے اپنے قومی شناختی کارڈ کی ترمیم اور والد کا نام درست کرنے کے لئے متعلقہ ادارے سے رجوع کیا ہے لہذا اگر کسی کو اس پر اعتراض ہو تو وہ اشتہار کی اشاعت کے پندرہ یوم کے اندر متعلقہ دفتر سے رابطہ کرے بصورت دیگر کارروائی عمل میں لائی جائے گی اور بعد میں کوئی عذر قابل سماعت نہ ہوگا۔
اشتہار
69
روزنامہ اکثریت
جناب عالی گزارش ہے کہ سائل نے اپنے قومی شناختی کارڈ کی ترمیم اور والد کا نام درست کرنے کے لئے متعلقہ ادارے سے رجوع کیا ہے لہذا اگر کسی کو اس پر اعتراض ہو تو وہ اشتہار کی اشاعت کے پندرہ یوم کے اندر متعلقہ دفتر سے رابطہ کرے بصورت دیگر کارروائی عمل میں لائی جائے گی اور بعد میں کوئی عذر قابل سماعت نہ ہوگا۔
اشتہار
70
روزنامہ اکثریت
جناب عالی گزارش ہے کہ سائل نے اپنے قومی شناختی کارڈ کی ترمیم اور والد کا نام درست کرنے کے لئے متعلقہ ادارے سے رجوع کیا ہے لہذا اگر کسی کو اس پر اعتراض ہو تو وہ اشتہار کی اشاعت کے پندرہ یوم کے اندر متعلقہ دفتر سے رابطہ کرے بصورت دیگر کارروائی عمل میں لائی جائے گی اور بعد میں کوئی عذر قابل سماعت نہ ہوگا۔
اشتہار
71
روزنامہ اکثریت
جناب عالی گزارش ہے کہ سائل نے اپنے قومی شناختی کارڈ کی ترمیم اور والد کا نام درست کرنے کے لئے متعلقہ ادارے سے رجوع کیا ہے لہذا اگر کسی کو اس پر اعتراض ہو تو وہ اشتہار کی اشاعت کے پندرہ یوم کے اندر متعلقہ دفتر سے رابطہ کرے بصورت دیگر کارروائی عمل میں لائی جائے گی اور بعد میں کوئی عذر قابل سماعت نہ ہوگا۔
اشتہار
72
روزنامہ اکثریت
جناب عالی گزارش ہے کہ سائل نے اپنے قومی شناختی کارڈ کی ترمیم اور والد کا نام درست کرنے کے لئے متعلقہ ادارے سے رجوع کیا ہے لہذا اگر کسی کو اس پر اعتراض ہو تو وہ اشتہار کی اشاعت کے پندرہ یوم کے اندر متعلقہ دفتر سے رابطہ کرے بصورت دیگر کارروائی عمل میں لائی جائے گی اور بعد میں کوئی عذر قابل سماعت نہ ہوگا۔
اشتہار
73
روزنامہ اکثریت
جناب عالی گزارش ہے کہ سائل نے اپنے قومی شناختی کارڈ کی ترمیم اور والد کا نام درست کرنے کے لئے متعلقہ ادارے سے رجوع کیا ہے لہذا اگر کسی کو اس پر اعتراض ہو تو وہ اشتہار کی اشاعت کے پندرہ یوم کے اندر متعلقہ دفتر سے رابطہ کرے بصورت دیگر کارروائی عمل میں لائی جائے گی اور بعد میں کوئی عذر قابل سماعت نہ ہوگا۔
اشتہار
74
روزنامہ اکثریت
جناب عالی گزارش ہے کہ سائل نے اپنے قومی شناختی کارڈ کی ترمیم اور والد کا نام درست کرنے کے لئے متعلقہ ادارے سے رجوع کیا ہے لہذا اگر کسی کو اس پر اعتراض ہو تو وہ اشتہار کی اشاعت کے پندرہ یوم کے اندر متعلقہ دفتر سے رابطہ کرے بصورت دیگر کارروائی عمل میں لائی جائے گی اور بعد میں کوئی عذر قابل سماعت نہ ہوگا۔
اشتہار
75
روزنامہ اکثریت
جناب عالی گزارش ہے کہ سائل نے اپنے قومی شناختی کارڈ کی ترمیم اور والد کا نام درست کرنے کے لئے متعلقہ ادارے سے رجوع کیا ہے لہذا اگر کسی کو اس پر اعتراض ہو تو وہ اشتہار کی اشاعت کے پندرہ یوم کے اندر متعلقہ دفتر سے رابطہ کرے بصورت دیگر کارروائی عمل میں لائی جائے گی اور بعد میں کوئی عذر قابل سماعت نہ ہوگا۔
